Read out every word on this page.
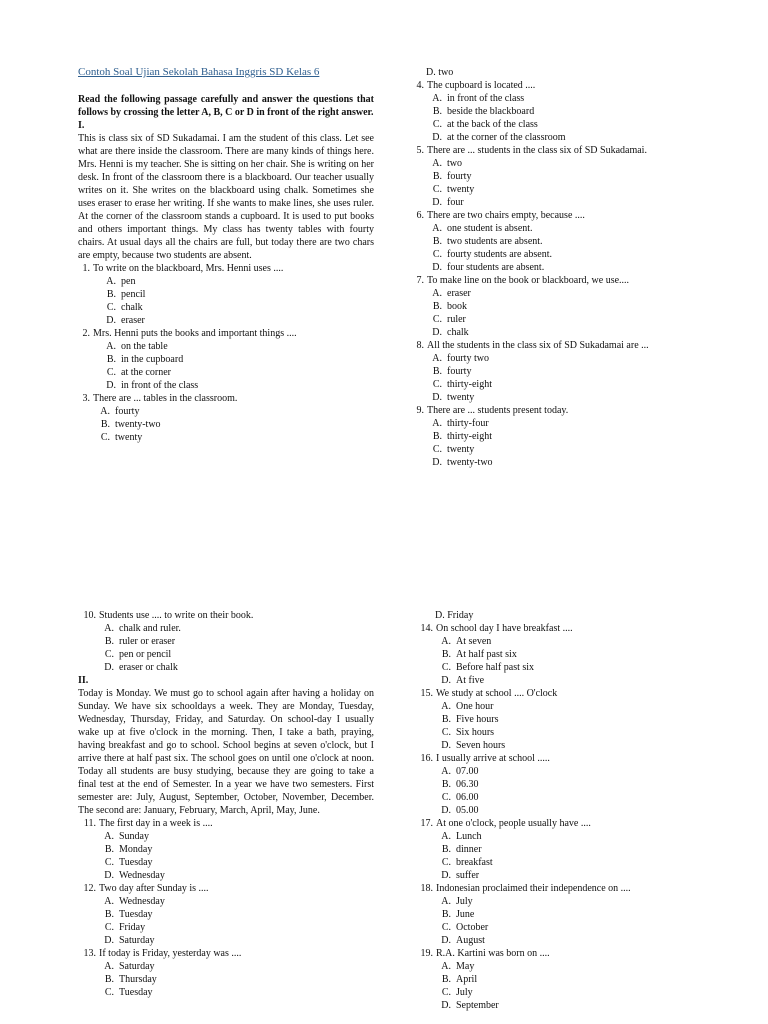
Contoh Soal Ujian Sekolah Bahasa Inggris SD Kelas 6

Read the following passage carefully and answer the questions that follows by crossing the letter A, B, C or D in front of the right answer.

I.

This is class six of SD Sukadamai. I am the student of this class. Let see what are there inside the classroom. There are many kinds of things here. Mrs. Henni is my teacher. She is sitting on her chair. She is writing on her desk. In front of the classroom there is a blackboard. Our teacher usually writes on it. She writes on the blackboard using chalk. Sometimes she uses eraser to erase her writing. If she wants to make lines, she uses ruler. At the corner of the classroom stands a cupboard. It is used to put books and others important things. My class has twenty tables with fourty chairs. At usual days all the chairs are full, but today there are two chars are empty, because two students are absent.

1. To write on the blackboard, Mrs. Henni uses ....
A. pen
B. pencil
C. chalk
D. eraser
2. Mrs. Henni puts the books and important things ....
A. on the table
B. in the cupboard
C. at the corner
D. in front of the class
3. There are ... tables in the classroom.
A. fourty
B. twenty-two
C. twenty
D. two
4. The cupboard is located ....
A. in front of the class
B. beside the blackboard
C. at the back of the class
D. at the corner of the classroom
5. There are ... students in the class six of SD Sukadamai.
A. two
B. fourty
C. twenty
D. four
6. There are two chairs empty, because ....
A. one student is absent.
B. two students are absent.
C. fourty students are absent.
D. four students are absent.
7. To make line on the book or blackboard, we use....
A. eraser
B. book
C. ruler
D. chalk
8. All the students in the class six of SD Sukadamai are ...
A. fourty two
B. fourty
C. thirty-eight
D. twenty
9. There are ... students present today.
A. thirty-four
B. thirty-eight
C. twenty
D. twenty-two
10. Students use .... to write on their book.
A. chalk and ruler.
B. ruler or eraser
C. pen or pencil
D. eraser or chalk

II.

Today is Monday. We must go to school again after having a holiday on Sunday. We have six schooldays a week. They are Monday, Tuesday, Wednesday, Thursday, Friday, and Saturday. On school-day I usually wake up at five o'clock in the morning. Then, I take a bath, praying, having breakfast and go to school. School begins at seven o'clock, but I arrive there at half past six. The school goes on until one o'clock at noon. Today all students are busy studying, because they are going to take a final test at the end of Semester. In a year we have two semesters. First semester are: July, August, September, October, November, December. The second are: January, February, March, April, May, June.

11. The first day in a week is ....
A. Sunday
B. Monday
C. Tuesday
D. Wednesday
12. Two day after Sunday is ....
A. Wednesday
B. Tuesday
C. Friday
D. Saturday
13. If today is Friday, yesterday was ....
A. Saturday
B. Thursday
C. Tuesday
D. Friday
14. On school day I have breakfast ....
A. At seven
B. At half past six
C. Before half past six
D. At five
15. We study at school .... O'clock
A. One hour
B. Five hours
C. Six hours
D. Seven hours
16. I usually arrive at school .....
A. 07.00
B. 06.30
C. 06.00
D. 05.00
17. At one o'clock, people usually have ....
A. Lunch
B. dinner
C. breakfast
D. suffer
18. Indonesian proclaimed their independence on ....
A. July
B. June
C. October
D. August
19. R.A. Kartini was born on ....
A. May
B. April
C. July
D. September
